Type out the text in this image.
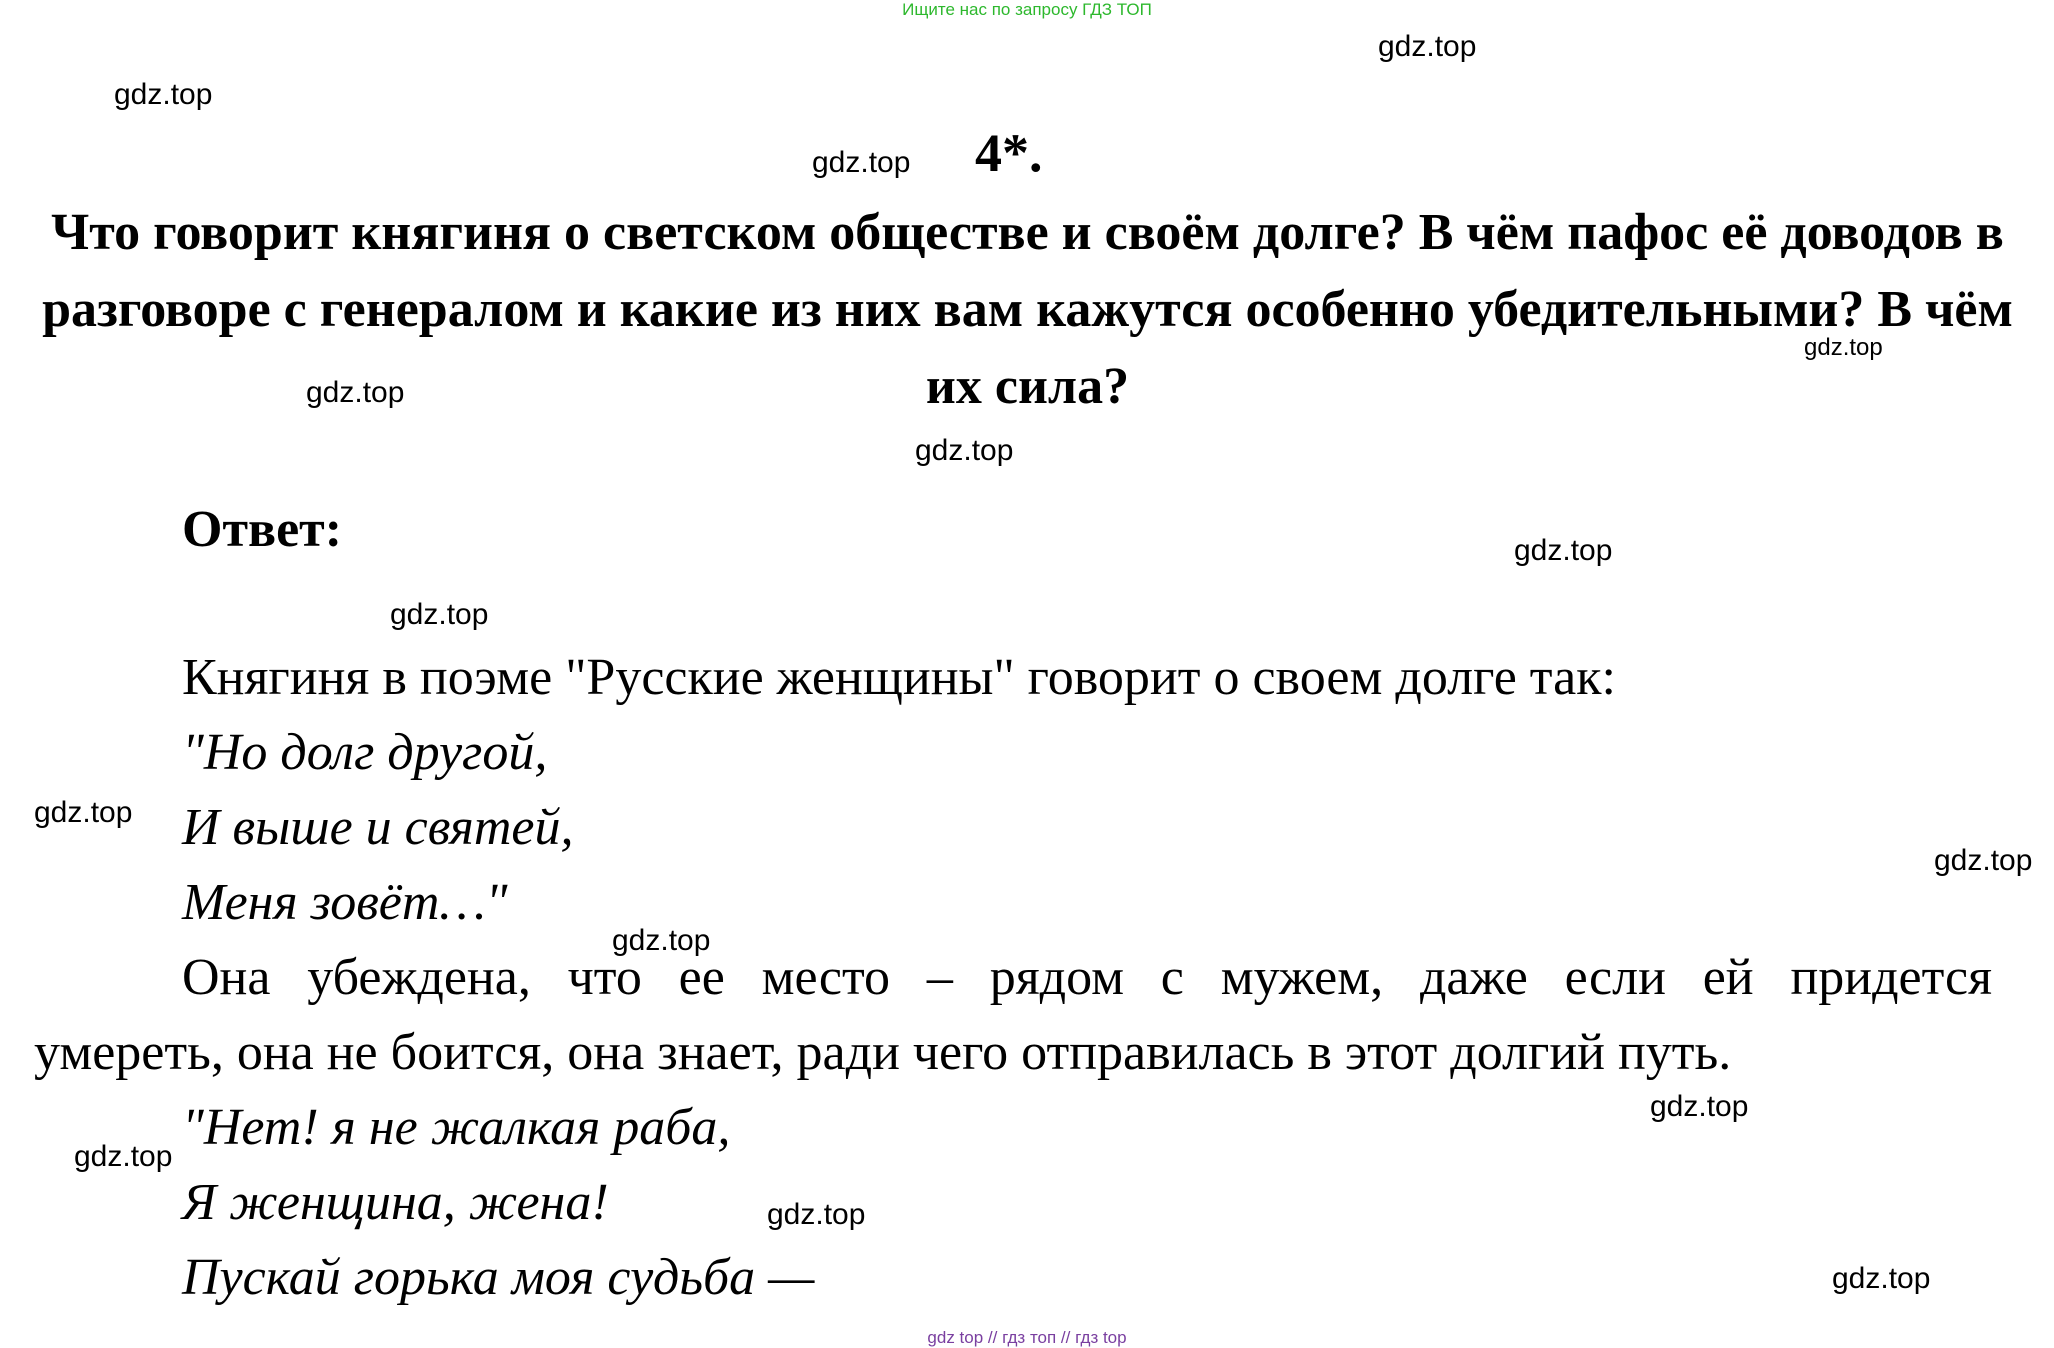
Ищите нас по запросу ГДЗ ТОП
gdz.top
gdz.top
gdz.top
gdz.top
gdz.top
gdz.top
gdz.top
gdz.top
gdz.top
gdz.top
gdz.top
gdz.top
gdz.top
gdz.top
gdz.top
4*.
Что говорит княгиня о светском обществе и своём долге? В чём пафос её доводов в разговоре с генералом и какие из них вам кажутся особенно убедительными? В чём их сила?
Ответ:
Княгиня в поэме "Русские женщины" говорит о своем долге так:
"Но долг другой,
И выше и святей,
Меня зовёт…"
Она убеждена, что ее место – рядом с мужем, даже если ей придется
умереть, она не боится, она знает, ради чего отправилась в этот долгий путь.
"Нет! я не жалкая раба,
Я женщина, жена!
Пускай горька моя судьба —
gdz top // гдз топ // гдз top
